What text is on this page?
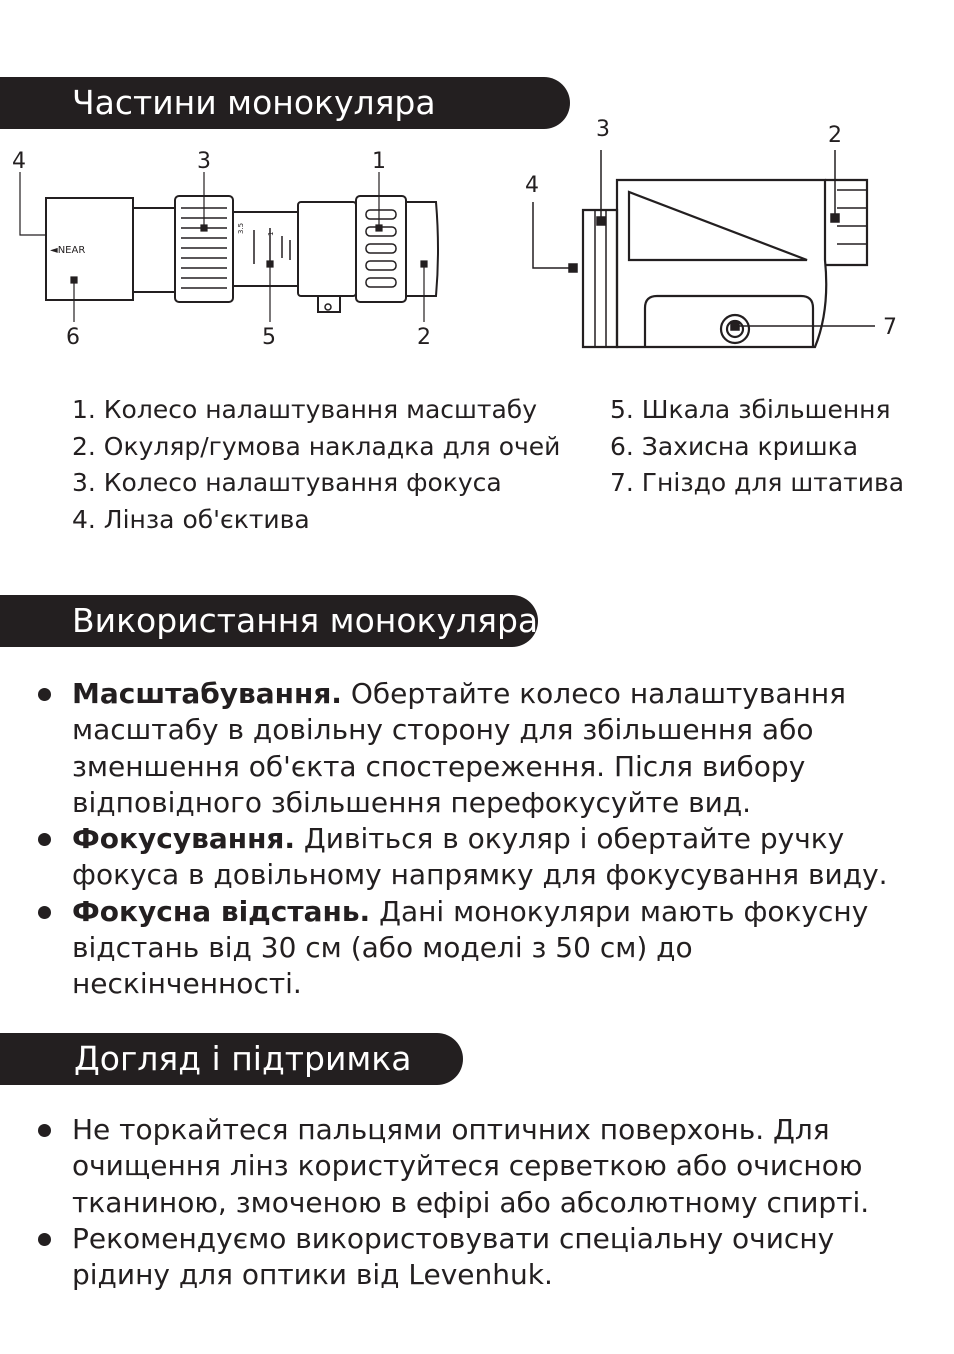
Частини монокуляра
◄NEAR
3.5	1
4	3	1
6	5	2
3	2
4
7
1. Колесо налаштування масштабу
2. Окуляр/гумова накладка для очей
3. Колесо налаштування фокуса
4. Лінза об'єктива
5. Шкала збільшення
6. Захисна кришка
7. Гніздо для штатива
Використання монокуляра
Масштабування. Обертайте колесо налаштування масштабу в довільну сторону для збільшення або зменшення об'єкта спостереження. Після вибору відповідного збільшення перефокусуйте вид.
Фокусування. Дивіться в окуляр і обертайте ручку фокуса в довільному напрямку для фокусування виду.
Фокусна відстань. Дані монокуляри мають фокусну відстань від 30 см (або моделі з 50 см) до нескінченності.
Догляд і підтримка
Не торкайтеся пальцями оптичних поверхонь. Для очищення лінз користуйтеся серветкою або очисною тканиною, змоченою в ефірі або абсолютному спирті.
Рекомендуємо використовувати спеціальну очисну рідину для оптики від Levenhuk.
